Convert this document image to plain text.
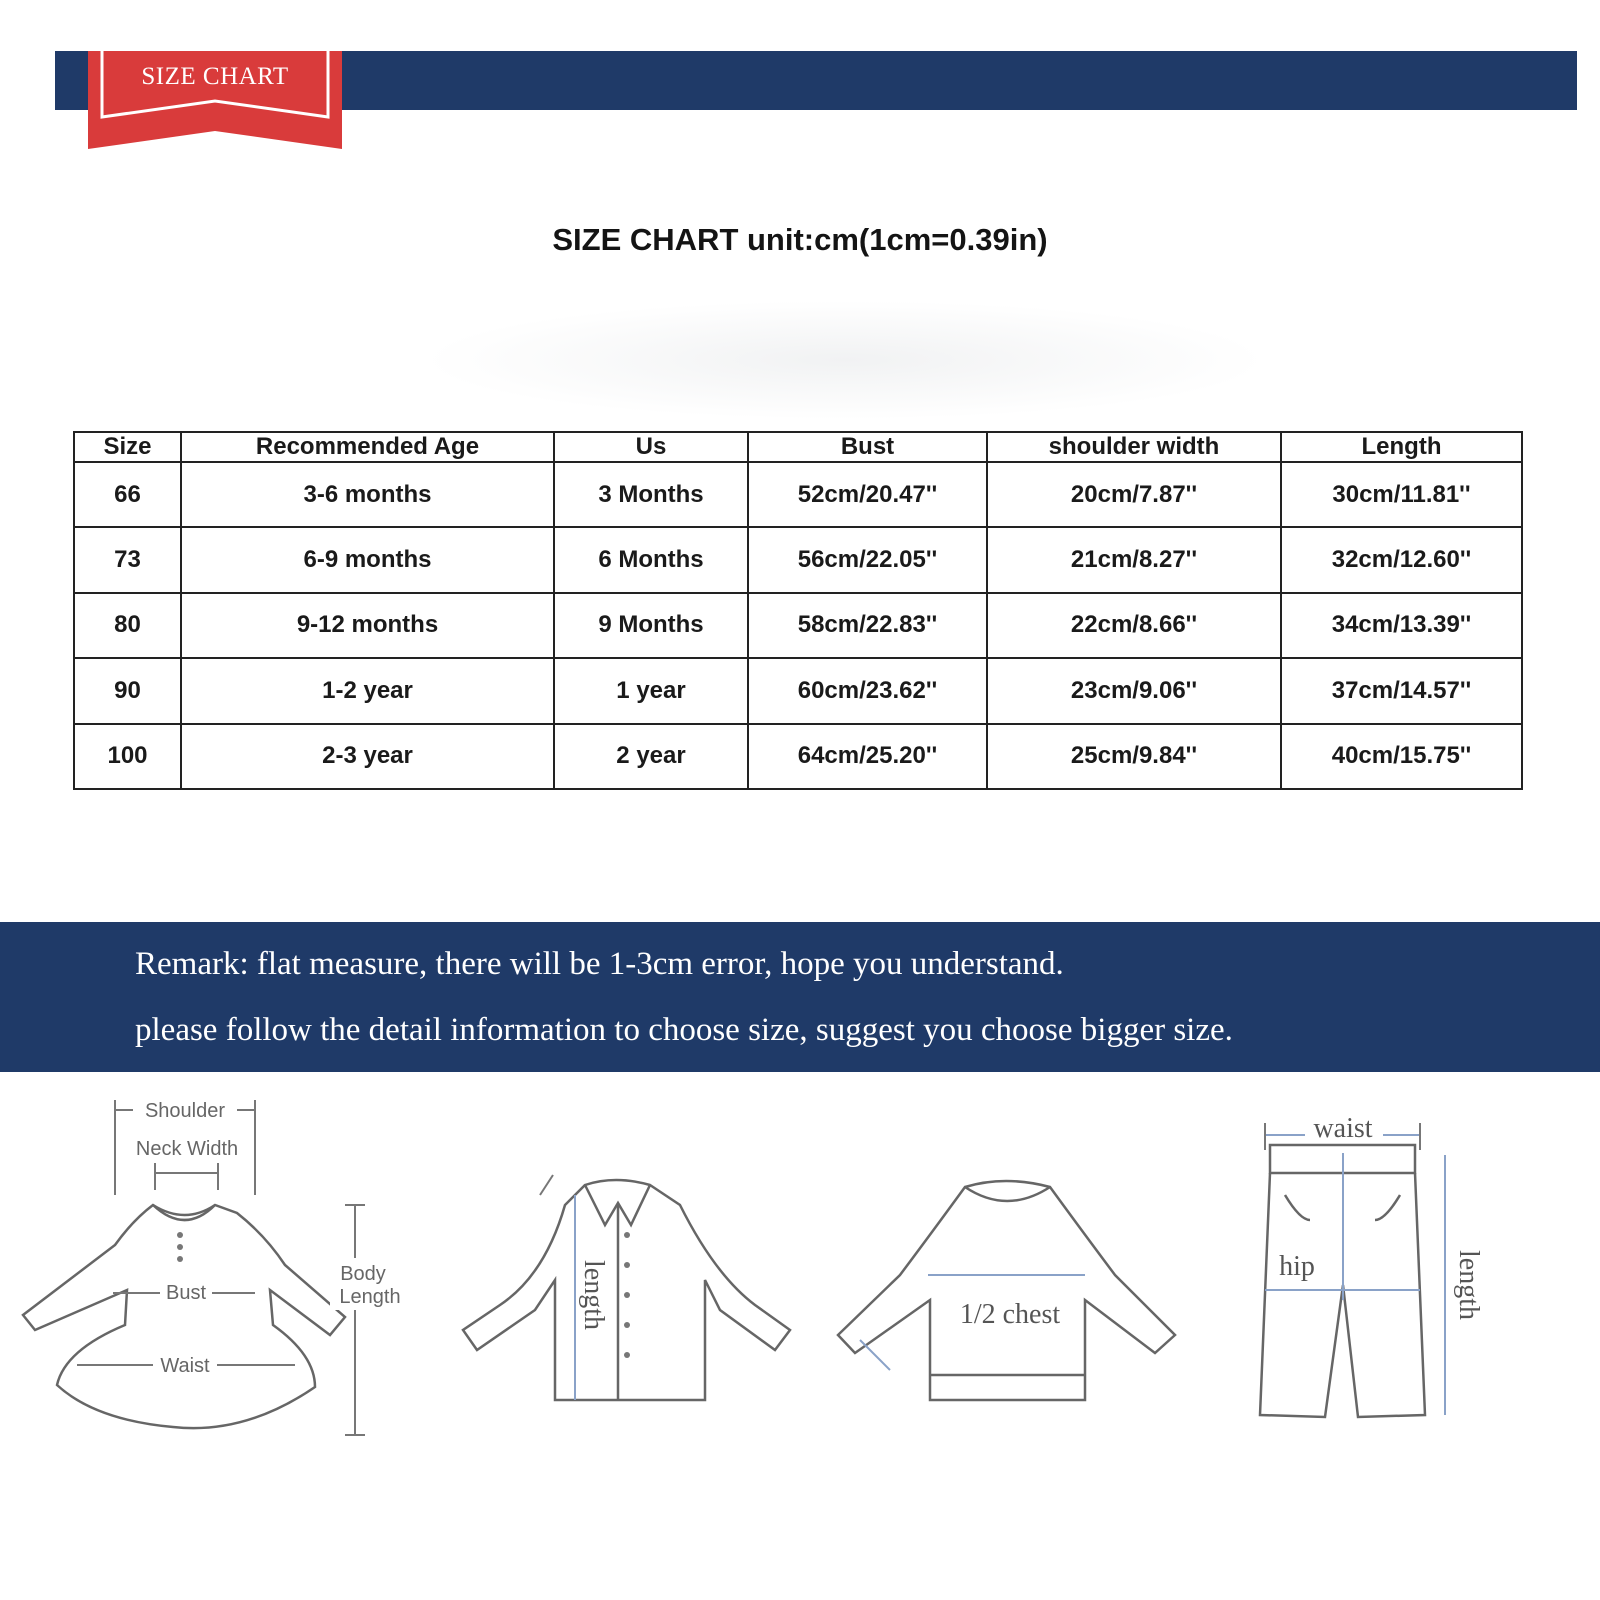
SIZE CHART
SIZE CHART unit:cm(1cm=0.39in)
Size	Recommended Age	Us	Bust	shoulder width	Length
66	3-6 months	3 Months	52cm/20.47''	20cm/7.87''	30cm/11.81''
73	6-9 months	6 Months	56cm/22.05''	21cm/8.27''	32cm/12.60''
80	9-12 months	9 Months	58cm/22.83''	22cm/8.66''	34cm/13.39''
90	1-2 year	1 year	60cm/23.62''	23cm/9.06''	37cm/14.57''
100	2-3 year	2 year	64cm/25.20''	25cm/9.84''	40cm/15.75''
Remark: flat measure, there will be 1-3cm error, hope you understand.
please follow the detail information to choose size, suggest you choose bigger size.
Shoulder
Neck Width
Bust
Waist
Body
Length	length	1/2 chest
waist
hip	length
